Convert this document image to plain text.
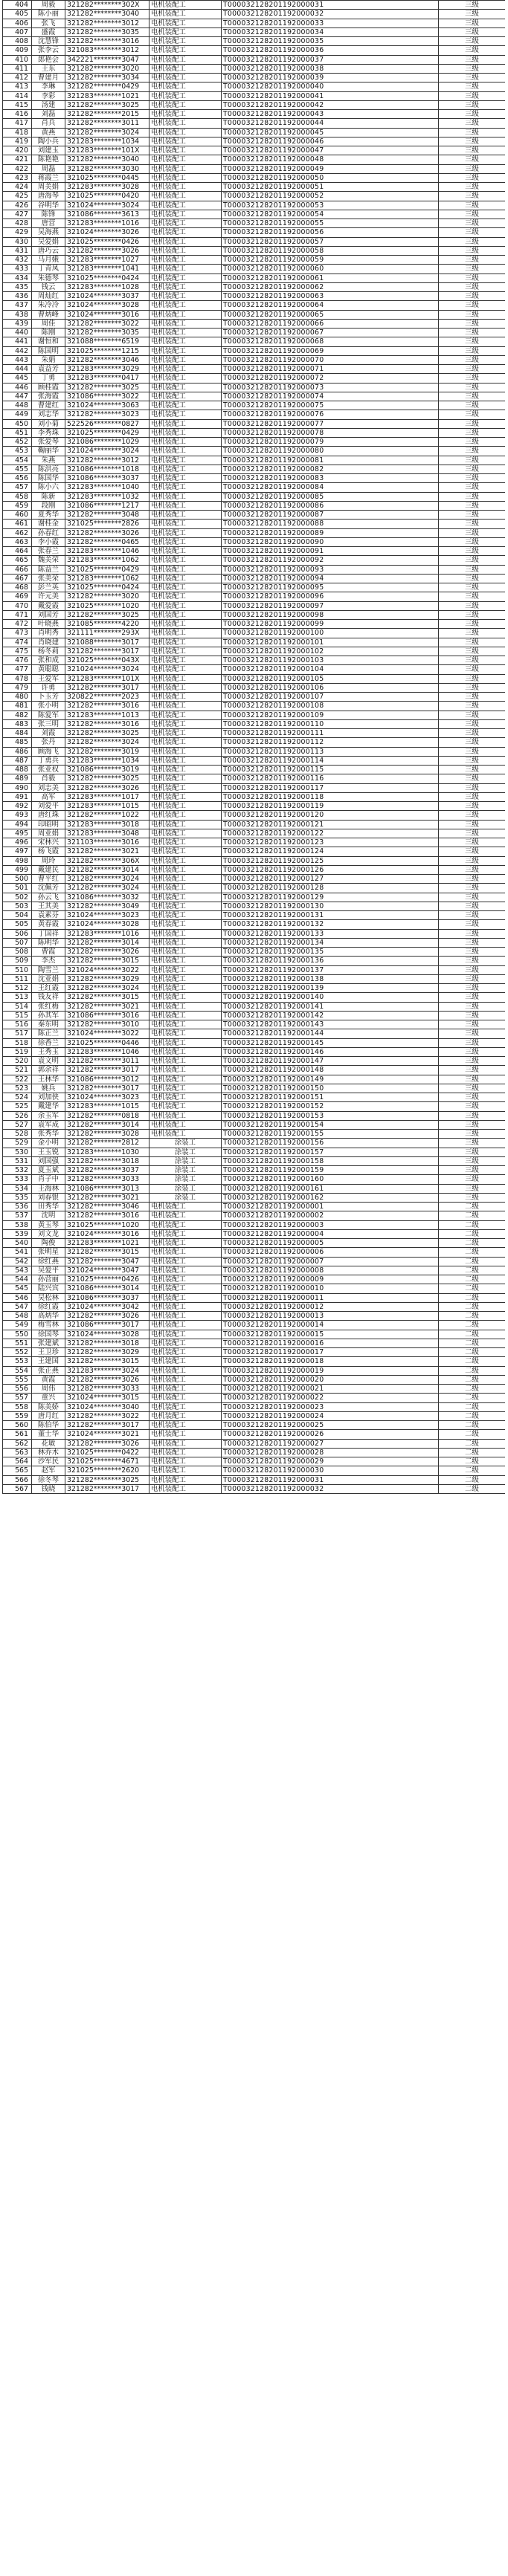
404	周毅	321282********302X	电机装配工	T000032128201192000031	三级
405	陈小丽	321282********3040	电机装配工	T000032128201192000032	三级
406	张飞	321282********3012	电机装配工	T000032128201192000033	三级
407	盛霞	321282********3035	电机装配工	T000032128201192000034	三级
408	沈慧锋	321282********3016	电机装配工	T000032128201192000035	三级
409	张李云	321083********3012	电机装配工	T000032128201192000036	三级
410	郎艳会	342221********3047	电机装配工	T000032128201192000037	三级
411	王东	321282********3020	电机装配工	T000032128201192000038	三级
412	曹建月	321282********3034	电机装配工	T000032128201192000039	三级
413	李琳	321282********0429	电机装配工	T000032128201192000040	三级
414	李彩	321283********1021	电机装配工	T000032128201192000041	三级
415	汤建	321282********3025	电机装配工	T000032128201192000042	三级
416	刘磊	321282********2015	电机装配工	T000032128201192000043	三级
417	肖兵	321282********3011	电机装配工	T000032128201192000044	三级
418	黄燕	321282********3024	电机装配工	T000032128201192000045	三级
419	陶小兵	321283********1034	电机装配工	T000032128201192000046	三级
420	刘建玉	321283********101X	电机装配工	T000032128201192000047	三级
421	陈艳艳	321282********3040	电机装配工	T000032128201192000048	三级
422	周磊	321282********3030	电机装配工	T000032128201192000049	三级
423	蒋霞兰	321025********0445	电机装配工	T000032128201192000050	三级
424	周美娟	321283********3028	电机装配工	T000032128201192000051	三级
425	唐海琴	321025********0420	电机装配工	T000032128201192000052	三级
426	谷明华	321024********3024	电机装配工	T000032128201192000053	三级
427	陈锋	321086********3613	电机装配工	T000032128201192000054	三级
428	唐营	321283********1016	电机装配工	T000032128201192000055	三级
429	吴海燕	321024********3026	电机装配工	T000032128201192000056	三级
430	吴爱娟	321025********0426	电机装配工	T000032128201192000057	三级
431	唐巧云	321282********3026	电机装配工	T000032128201192000058	三级
432	马月娥	321283********1027	电机装配工	T000032128201192000059	三级
433	丁青凤	321283********1041	电机装配工	T000032128201192000060	三级
434	朱德琴	321025********0424	电机装配工	T000032128201192000061	三级
435	钱云	321283********1028	电机装配工	T000032128201192000062	三级
436	周灿红	321024********3037	电机装配工	T000032128201192000063	三级
437	朱冷冷	321024********3028	电机装配工	T000032128201192000064	三级
438	曹炳峰	321024********3016	电机装配工	T000032128201192000065	三级
439	周佳	321282********3022	电机装配工	T000032128201192000066	三级
440	陈刚	321282********3035	电机装配工	T000032128201192000067	三级
441	谢恒和	321088********6519	电机装配工	T000032128201192000068	三级
442	陈国明	321025********1215	电机装配工	T000032128201192000069	三级
443	朱娟	321282********3046	电机装配工	T000032128201192000070	三级
444	袁益芳	321283********3029	电机装配工	T000032128201192000071	三级
445	丁勇	321283********0417	电机装配工	T000032128201192000072	三级
446	顾桂霞	321282********3025	电机装配工	T000032128201192000073	三级
447	张海霞	321086********3022	电机装配工	T000032128201192000074	三级
448	曹建红	321024********3063	电机装配工	T000032128201192000075	三级
449	刘志华	321282********3023	电机装配工	T000032128201192000076	三级
450	刘小菊	522526********0827	电机装配工	T000032128201192000077	三级
451	李秀珠	321025********0429	电机装配工	T000032128201192000078	三级
452	张爱琴	321086********1029	电机装配工	T000032128201192000079	三级
453	鞠丽华	321024********3024	电机装配工	T000032128201192000080	三级
454	朱燕	321282********3012	电机装配工	T000032128201192000081	三级
455	陈洪亮	321086********1018	电机装配工	T000032128201192000082	三级
456	陈国华	321086********3037	电机装配工	T000032128201192000083	三级
457	陈小六	321283********1040	电机装配工	T000032128201192000084	三级
458	陈新	321283********1032	电机装配工	T000032128201192000085	三级
459	段刚	321086********1217	电机装配工	T000032128201192000086	三级
460	夏秀华	321282********3048	电机装配工	T000032128201192000087	三级
461	谢桂金	321025********2826	电机装配工	T000032128201192000088	三级
462	孙春红	321282********3026	电机装配工	T000032128201192000089	三级
463	李小霞	321282********0465	电机装配工	T000032128201192000090	三级
464	张春兰	321283********1046	电机装配工	T000032128201192000091	三级
465	魏美荣	321283********1062	电机装配工	T000032128201192000092	三级
466	陈益兰	321025********0429	电机装配工	T000032128201192000093	三级
467	张美荣	321283********1062	电机装配工	T000032128201192000094	三级
468	彭兰英	321025********0424	电机装配工	T000032128201192000095	三级
469	许元美	321282********3020	电机装配工	T000032128201192000096	三级
470	戴爱霞	321025********1020	电机装配工	T000032128201192000097	三级
471	刘国芳	321282********3025	电机装配工	T000032128201192000098	三级
472	叶晓燕	321085********4220	电机装配工	T000032128201192000099	三级
473	肖明秀	321111********293X	电机装配工	T000032128201192000100	三级
474	肖晓建	321088********3017	电机装配工	T000032128201192000101	三级
475	杨冬莉	321282********3017	电机装配工	T000032128201192000102	三级
476	张和成	321025********043X	电机装配工	T000032128201192000103	三级
477	黄聪聪	321024********3024	电机装配工	T000032128201192000104	三级
478	王爱军	321283********101X	电机装配工	T000032128201192000105	三级
479	许勇	321282********3017	电机装配工	T000032128201192000106	三级
480	卜玉芳	320822********2023	电机装配工	T000032128201192000107	三级
481	张小明	321282********3016	电机装配工	T000032128201192000108	三级
482	陈爱军	321283********1013	电机装配工	T000032128201192000109	三级
483	张三明	321282********3016	电机装配工	T000032128201192000110	三级
484	刘霞	321282********3025	电机装配工	T000032128201192000111	三级
485	张丹	321282********3024	电机装配工	T000032128201192000112	三级
486	顾海飞	321282********3019	电机装配工	T000032128201192000113	三级
487	丁勇兵	321283********1034	电机装配工	T000032128201192000114	三级
488	张亚权	321086********3019	电机装配工	T000032128201192000115	三级
489	肖毅	321282********3025	电机装配工	T000032128201192000116	三级
490	刘志美	321282********3026	电机装配工	T000032128201192000117	三级
491	高军	321283********1017	电机装配工	T000032128201192000118	三级
492	刘爱平	321283********1015	电机装配工	T000032128201192000119	三级
493	唐红珠	321282********1022	电机装配工	T000032128201192000120	三级
494	印昭明	321283********3018	电机装配工	T000032128201192000121	三级
495	周亚娟	321283********3048	电机装配工	T000032128201192000122	三级
496	宋林兴	321103********3016	电机装配工	T000032128201192000123	三级
497	杨飞霞	321282********3021	电机装配工	T000032128201192000124	三级
498	周玲	321282********306X	电机装配工	T000032128201192000125	三级
499	戴建民	321282********3014	电机装配工	T000032128201192000126	三级
500	曹平红	321282********3024	电机装配工	T000032128201192000127	三级
501	沈佩芳	321282********3024	电机装配工	T000032128201192000128	三级
502	孙云飞	321086********3032	电机装配工	T000032128201192000129	三级
503	王其美	321282********3049	电机装配工	T000032128201192000130	三级
504	袁素芬	321024********3023	电机装配工	T000032128201192000131	三级
505	黄春霞	321024********3028	电机装配工	T000032128201192000132	三级
506	丁国祥	321283********1016	电机装配工	T000032128201192000133	三级
507	陈明华	321282********3014	电机装配工	T000032128201192000134	三级
508	曹霞	321282********3026	电机装配工	T000032128201192000135	三级
509	李杰	321282********3015	电机装配工	T000032128201192000136	三级
510	陶雪兰	321024********3022	电机装配工	T000032128201192000137	三级
511	沈亚娟	321282********3029	电机装配工	T000032128201192000138	三级
512	王红霞	321282********3024	电机装配工	T000032128201192000139	三级
513	钱友祥	321282********3015	电机装配工	T000032128201192000140	三级
514	张红梅	321282********3021	电机装配工	T000032128201192000141	三级
515	孙其军	321086********3016	电机装配工	T000032128201192000142	三级
516	秦东明	321282********3010	电机装配工	T000032128201192000143	三级
517	陈正兰	321024********3022	电机装配工	T000032128201192000144	三级
518	徐香兰	321025********0446	电机装配工	T000032128201192000145	三级
519	王秀玉	321283********1046	电机装配工	T000032128201192000146	三级
520	袁文明	321282********3011	电机装配工	T000032128201192000147	三级
521	郭余祥	321282********3017	电机装配工	T000032128201192000148	三级
522	王林华	321086********3012	电机装配工	T000032128201192000149	三级
523	姚兵	321282********3017	电机装配工	T000032128201192000150	三级
524	刘加侠	321024********3023	电机装配工	T000032128201192000151	三级
525	戴建华	321283********1015	电机装配工	T000032128201192000152	三级
526	余玉军	321282********0818	电机装配工	T000032128201192000153	三级
527	袁军成	321282********3014	电机装配工	T000032128201192000154	三级
528	张秀华	321282********3028	电机装配工	T000032128201192000155	三级
529	金小明	321282********2812	涂装工	T000032128201192000156	三级
530	王玉锐	321283********1030	涂装工	T000032128201192000157	三级
531	刘国强	321282********3018	涂装工	T000032128201192000158	三级
532	夏玉斌	321282********3037	涂装工	T000032128201192000159	三级
533	肖子中	321282********3033	涂装工	T000032128201192000160	三级
534	王海林	321086********3013	涂装工	T000032128201192000161	三级
535	刘春银	321282********3021	涂装工	T000032128201192000162	三级
536	田秀华	321282********3046	电机装配工	T000032128201192000001	二级
537	沈明	321282********3016	电机装配工	T000032128201192000002	二级
538	黄玉琴	321025********1020	电机装配工	T000032128201192000003	二级
539	刘文龙	321024********3016	电机装配工	T000032128201192000004	二级
540	陶俊	321283********1021	电机装配工	T000032128201192000005	二级
541	张明星	321282********3015	电机装配工	T000032128201192000006	二级
542	徐红燕	321282********3047	电机装配工	T000032128201192000007	二级
543	吴爱平	321024********3047	电机装配工	T000032128201192000008	二级
544	孙营丽	321025********0426	电机装配工	T000032128201192000009	二级
545	陆兴宾	321086********3014	电机装配工	T000032128201192000010	二级
546	吴松林	321086********3037	电机装配工	T000032128201192000011	二级
547	徐红霞	321024********3042	电机装配工	T000032128201192000012	二级
548	高炳华	321282********3026	电机装配工	T000032128201192000013	二级
549	梅雪林	321086********3017	电机装配工	T000032128201192000014	二级
550	徐国琴	321024********3028	电机装配工	T000032128201192000015	二级
551	张建斌	321282********3018	电机装配工	T000032128201192000016	二级
552	王卫珍	321282********3029	电机装配工	T000032128201192000017	二级
553	王建国	321282********3015	电机装配工	T000032128201192000018	二级
554	张正燕	321283********3024	电机装配工	T000032128201192000019	二级
555	黄霞	321282********3026	电机装配工	T000032128201192000020	二级
556	周伟	321282********3033	电机装配工	T000032128201192000021	二级
557	童兴	321024********3015	电机装配工	T000032128201192000022	二级
558	陈美娇	321024********3040	电机装配工	T000032128201192000023	二级
559	唐月红	321282********3022	电机装配工	T000032128201192000024	二级
560	陈伯华	321282********3017	电机装配工	T000032128201192000025	二级
561	董士华	321024********3021	电机装配工	T000032128201192000026	二级
562	花敏	321282********3026	电机装配工	T000032128201192000027	二级
563	林乔木	321025********0422	电机装配工	T000032128201192000028	二级
564	沙军民	321025********4671	电机装配工	T000032128201192000029	二级
565	赵军	321025********2620	电机装配工	T000032128201192000030	二级
566	徐冬琴	321282********3025	电机装配工	T000032128201192000031	二级
567	钱晓	321282********3017	电机装配工	T000032128201192000032	二级
